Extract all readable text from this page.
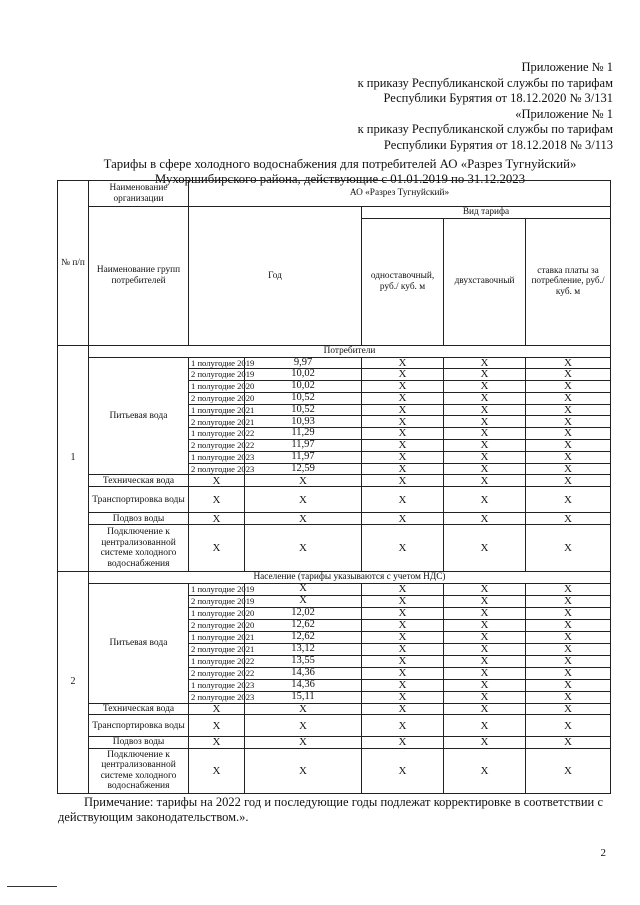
Приложение № 1
к приказу Республиканской службы по тарифам
Республики Бурятия от 18.12.2020 № 3/131
«Приложение № 1
к приказу Республиканской службы по тарифам
Республики Бурятия от 18.12.2018 № 3/113
Тарифы в сфере холодного водоснабжения для потребителей АО «Разрез Тугнуйский»
Мухоршибирского района, действующие с 01.01.2019 по 31.12.2023
№ п/п	Наименование организации	АО «Разрез Тугнуйский»					
	Наименование групп потребителей	Год		Вид тарифа			
				одноставочный, руб./ куб. м	двухставочный	ставка платы за потребление, руб./ куб. м	
1	Потребители						
	Питьевая вода	1 полугодие 2019	9,97	X	X	X	
		2 полугодие 2019	10,02	X	X	X	
		1 полугодие 2020	10,02	X	X	X	
		2 полугодие 2020	10,52	X	X	X	
		1 полугодие 2021	10,52	X	X	X	
		2 полугодие 2021	10,93	X	X	X	
		1 полугодие 2022	11,29	X	X	X	
		2 полугодие 2022	11,97	X	X	X	
		1 полугодие 2023	11,97	X	X	X	
		2 полугодие 2023	12,59	X	X	X	
	Техническая вода	X	X	X	X	X	
	Транспортировка воды	X	X	X	X	X	
	Подвоз воды	X	X	X	X	X	
	Подключение к централизованной системе холодного водоснабжения	X	X	X	X	X	
2	Население (тарифы указываются с учетом НДС)						
	Питьевая вода	1 полугодие 2019	X	X	X	X	
		2 полугодие 2019	X	X	X	X	
		1 полугодие 2020	12,02	X	X	X	
		2 полугодие 2020	12,62	X	X	X	
		1 полугодие 2021	12,62	X	X	X	
		2 полугодие 2021	13,12	X	X	X	
		1 полугодие 2022	13,55	X	X	X	
		2 полугодие 2022	14,36	X	X	X	
		1 полугодие 2023	14,36	X	X	X	
		2 полугодие 2023	15,11	X	X	X	
	Техническая вода	X	X	X	X	X	
	Транспортировка воды	X	X	X	X	X	
	Подвоз воды	X	X	X	X	X	
	Подключение к централизованной системе холодного водоснабжения	X	X	X	X	X	
Примечание: тарифы на 2022 год и последующие годы подлежат корректировке в соответствии с действующим законодательством.».
2
